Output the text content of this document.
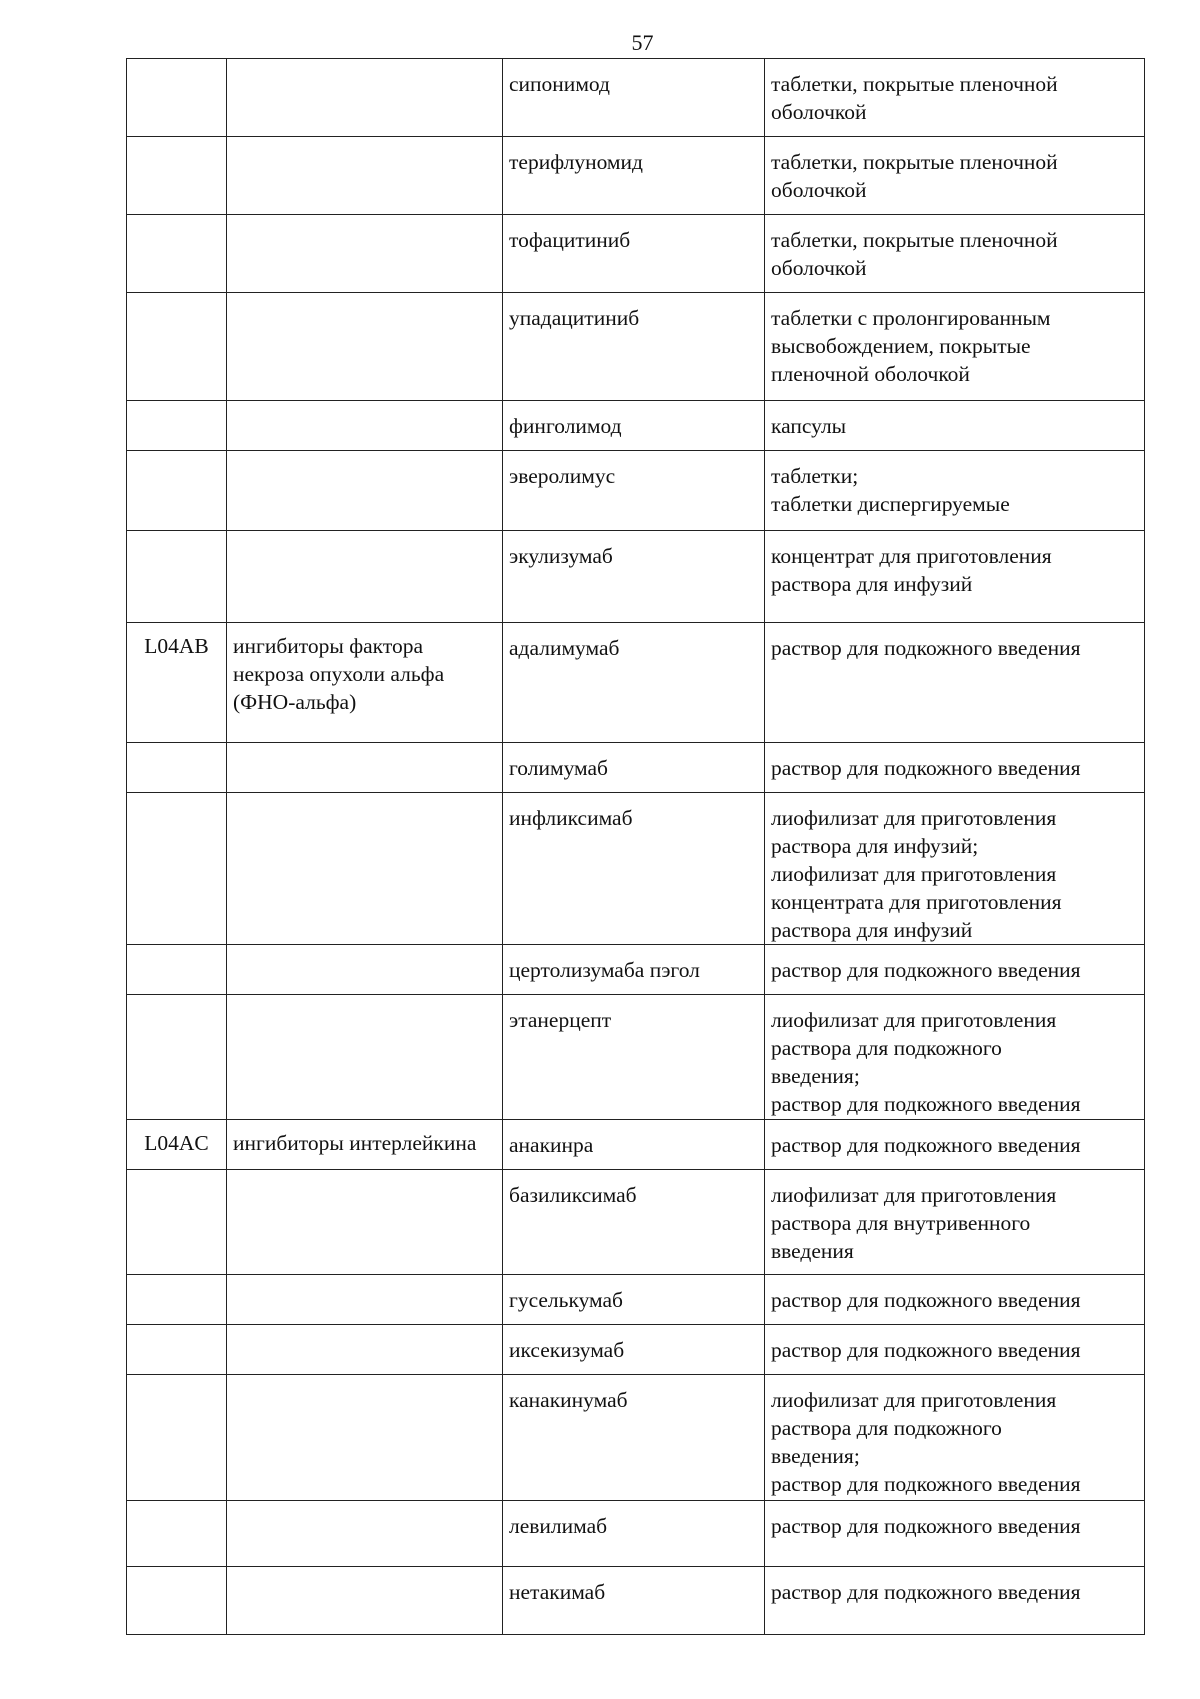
57
		сипонимод	таблетки, покрытые пленочной
оболочкой

		терифлуномид	таблетки, покрытые пленочной
оболочкой

		тофацитиниб	таблетки, покрытые пленочной
оболочкой

		упадацитиниб	таблетки с пролонгированным
высвобождением, покрытые
пленочной оболочкой

		финголимод	капсулы

		эверолимус	таблетки;
таблетки диспергируемые

		экулизумаб	концентрат для приготовления
раствора для инфузий

L04AB	ингибиторы фактора некроза опухоли альфа (ФНО-альфа)	адалимумаб	раствор для подкожного введения

		голимумаб	раствор для подкожного введения

		инфликсимаб	лиофилизат для приготовления
раствора для инфузий;
лиофилизат для приготовления
концентрата для приготовления
раствора для инфузий

		цертолизумаба пэгол	раствор для подкожного введения

		этанерцепт	лиофилизат для приготовления
раствора для подкожного
введения;
раствор для подкожного введения

L04AC	ингибиторы интерлейкина	анакинра	раствор для подкожного введения

		базиликсимаб	лиофилизат для приготовления
раствора для внутривенного
введения

		гуселькумаб	раствор для подкожного введения

		иксекизумаб	раствор для подкожного введения

		канакинумаб	лиофилизат для приготовления
раствора для подкожного
введения;
раствор для подкожного введения

		левилимаб	раствор для подкожного введения

		нетакимаб	раствор для подкожного введения
